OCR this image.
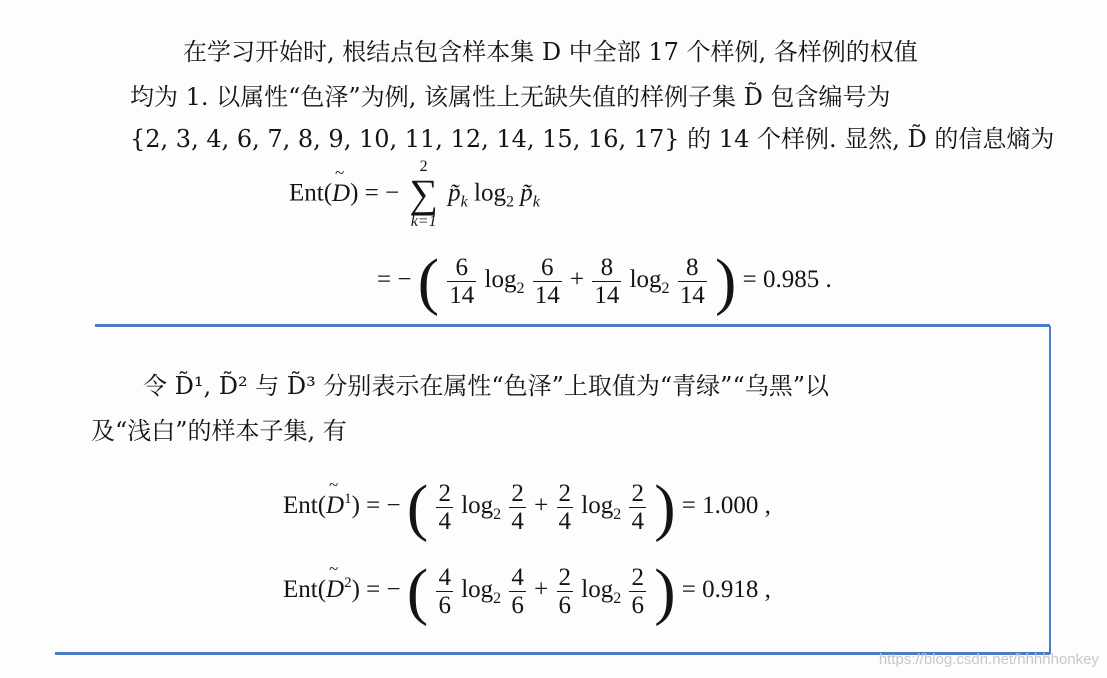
在学习开始时, 根结点包含样本集 D 中全部 17 个样例, 各样例的权值
均为 1. 以属性“色泽”为例, 该属性上无缺失值的样例子集 D̃ 包含编号为
{2, 3, 4, 6, 7, 8, 9, 10, 11, 12, 14, 15, 16, 17} 的 14 个样例. 显然, D̃ 的信息熵为
Ent(~ D) = −
2
∑
k=1
$p̃_k$ $\log_2$ $p̃_k$
= − ( $\frac{6}{14} \log_2 \frac{6}{14} + \frac{8}{14} \log_2 \frac{8}{14}$ ) = 0.985 .
令 D̃¹, D̃² 与 D̃³ 分别表示在属性“色泽”上取值为“青绿”“乌黑”以
及“浅白”的样本子集, 有
Ent(~ $D^1$) = − ( $\frac{2}{4} \log_2 \frac{2}{4} + \frac{2}{4} \log_2 \frac{2}{4}$ ) = 1.000 ,
Ent(~ $D^2$) = − ( $\frac{4}{6} \log_2 \frac{4}{6} + \frac{2}{6} \log_2 \frac{2}{6}$ ) = 0.918 ,
https://blog.csdn.net/hhhhhonkey
